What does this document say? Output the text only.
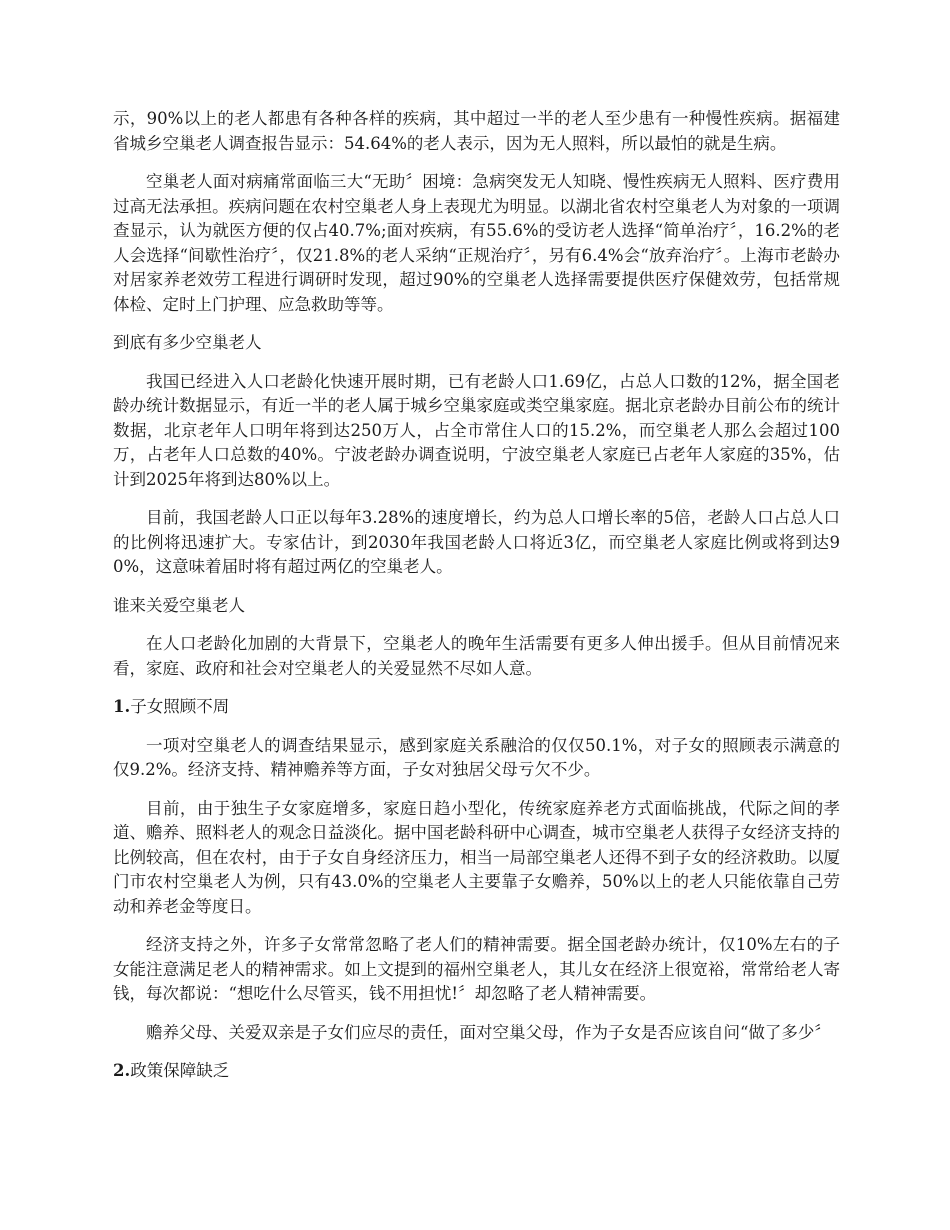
示，90%以上的老人都患有各种各样的疾病，其中超过一半的老人至少患有一种慢性疾病。据福建省城乡空巢老人调查报告显示：54.64%的老人表示，因为无人照料，所以最怕的就是生病。

空巢老人面对病痛常面临三大“无助〞困境：急病突发无人知晓、慢性疾病无人照料、医疗费用过高无法承担。疾病问题在农村空巢老人身上表现尤为明显。以湖北省农村空巢老人为对象的一项调查显示，认为就医方便的仅占40.7%;面对疾病，有55.6%的受访老人选择“简单治疗〞，16.2%的老人会选择“间歇性治疗〞，仅21.8%的老人采纳“正规治疗〞，另有6.4%会“放弃治疗〞。上海市老龄办对居家养老效劳工程进行调研时发现，超过90%的空巢老人选择需要提供医疗保健效劳，包括常规体检、定时上门护理、应急救助等等。

到底有多少空巢老人

我国已经进入人口老龄化快速开展时期，已有老龄人口1.69亿，占总人口数的12%，据全国老龄办统计数据显示，有近一半的老人属于城乡空巢家庭或类空巢家庭。据北京老龄办目前公布的统计数据，北京老年人口明年将到达250万人，占全市常住人口的15.2%，而空巢老人那么会超过100万，占老年人口总数的40%。宁波老龄办调查说明，宁波空巢老人家庭已占老年人家庭的35%，估计到2025年将到达80%以上。

目前，我国老龄人口正以每年3.28%的速度增长，约为总人口增长率的5倍，老龄人口占总人口的比例将迅速扩大。专家估计，到2030年我国老龄人口将近3亿，而空巢老人家庭比例或将到达90%，这意味着届时将有超过两亿的空巢老人。

谁来关爱空巢老人

在人口老龄化加剧的大背景下，空巢老人的晚年生活需要有更多人伸出援手。但从目前情况来看，家庭、政府和社会对空巢老人的关爱显然不尽如人意。

1.子女照顾不周

一项对空巢老人的调查结果显示，感到家庭关系融洽的仅仅50.1%，对子女的照顾表示满意的仅9.2%。经济支持、精神赡养等方面，子女对独居父母亏欠不少。

目前，由于独生子女家庭增多，家庭日趋小型化，传统家庭养老方式面临挑战，代际之间的孝道、赡养、照料老人的观念日益淡化。据中国老龄科研中心调查，城市空巢老人获得子女经济支持的比例较高，但在农村，由于子女自身经济压力，相当一局部空巢老人还得不到子女的经济救助。以厦门市农村空巢老人为例，只有43.0%的空巢老人主要靠子女赡养，50%以上的老人只能依靠自己劳动和养老金等度日。

经济支持之外，许多子女常常忽略了老人们的精神需要。据全国老龄办统计，仅10%左右的子女能注意满足老人的精神需求。如上文提到的福州空巢老人，其儿女在经济上很宽裕，常常给老人寄钱，每次都说：“想吃什么尽管买，钱不用担忧!〞却忽略了老人精神需要。

赡养父母、关爱双亲是子女们应尽的责任，面对空巢父母，作为子女是否应该自问“做了多少〞

2.政策保障缺乏
